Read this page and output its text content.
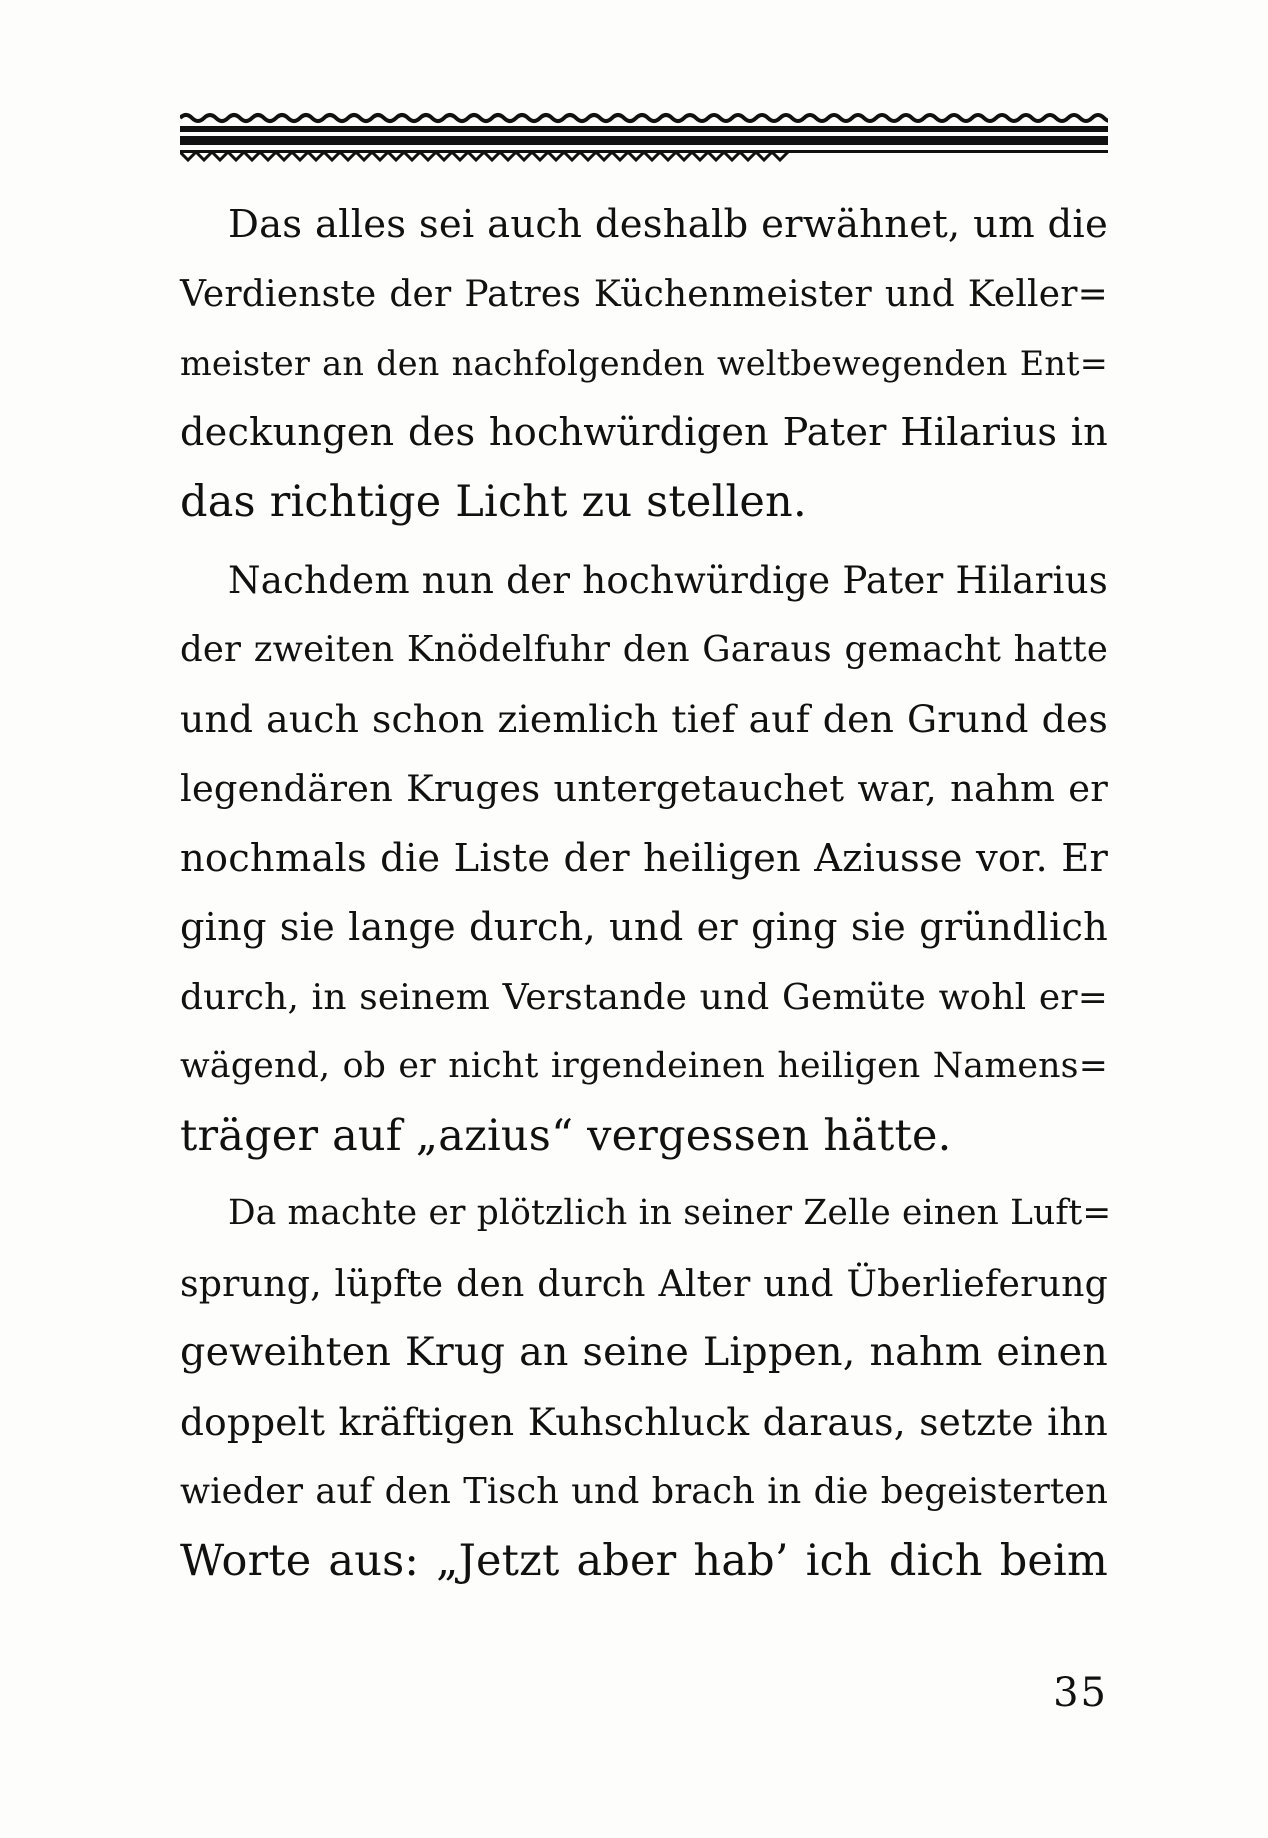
Das alles sei auch deshalb erwähnet, um die
Verdienste der Patres Küchenmeister und Keller=
meister an den nachfolgenden weltbewegenden Ent=
deckungen des hochwürdigen Pater Hilarius in
das richtige Licht zu stellen.
Nachdem nun der hochwürdige Pater Hilarius
der zweiten Knödelfuhr den Garaus gemacht hatte
und auch schon ziemlich tief auf den Grund des
legendären Kruges untergetauchet war, nahm er
nochmals die Liste der heiligen Aziusse vor. Er
ging sie lange durch, und er ging sie gründlich
durch, in seinem Verstande und Gemüte wohl er=
wägend, ob er nicht irgendeinen heiligen Namens=
träger auf „azius“ vergessen hätte.
Da machte er plötzlich in seiner Zelle einen Luft=
sprung, lüpfte den durch Alter und Überlieferung
geweihten Krug an seine Lippen, nahm einen
doppelt kräftigen Kuhschluck daraus, setzte ihn
wieder auf den Tisch und brach in die begeisterten
Worte aus: „Jetzt aber hab’ ich dich beim
35
